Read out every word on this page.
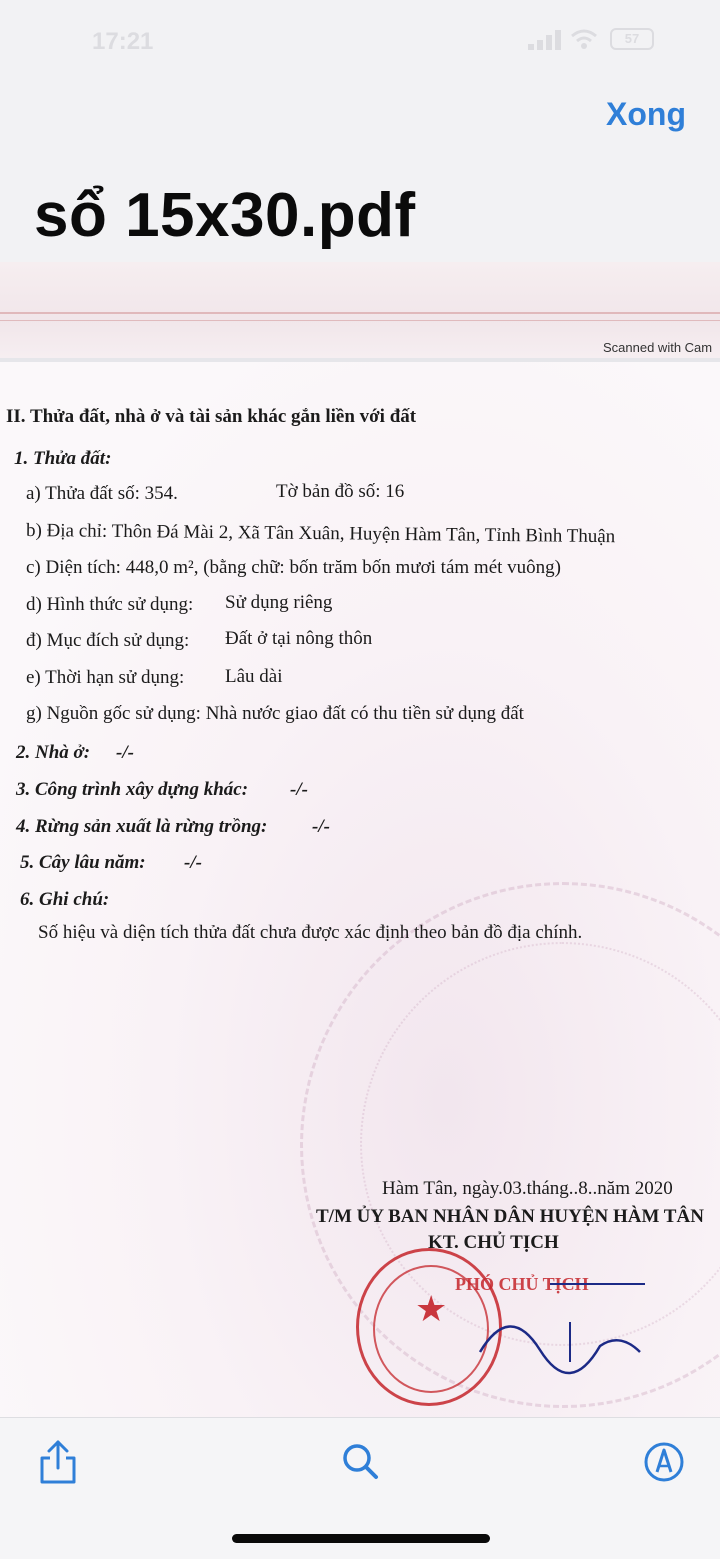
17:21	57
Xong
sổ 15x30.pdf
Scanned with Cam
II. Thửa đất, nhà ở và tài sản khác gắn liền với đất
1. Thửa đất:
a) Thửa đất số: 354.	Tờ bản đồ số: 16
b) Địa chỉ: Thôn Đá Mài 2, Xã Tân Xuân, Huyện Hàm Tân, Tỉnh Bình Thuận
c) Diện tích: 448,0 m², (bằng chữ: bốn trăm bốn mươi tám mét vuông)
d) Hình thức sử dụng: Sử dụng riêng
đ) Mục đích sử dụng: Đất ở tại nông thôn
e) Thời hạn sử dụng: Lâu dài
g) Nguồn gốc sử dụng: Nhà nước giao đất có thu tiền sử dụng đất
2. Nhà ở: -/-
3. Công trình xây dựng khác: -/-
4. Rừng sản xuất là rừng trồng: -/-
5. Cây lâu năm: -/-
6. Ghi chú:
Số hiệu và diện tích thửa đất chưa được xác định theo bản đồ địa chính.
Hàm Tân, ngày.03.tháng..8..năm 2020
T/M ỦY BAN NHÂN DÂN HUYỆN HÀM TÂN
KT. CHỦ TỊCH
★
PHÓ CHỦ TỊCH
